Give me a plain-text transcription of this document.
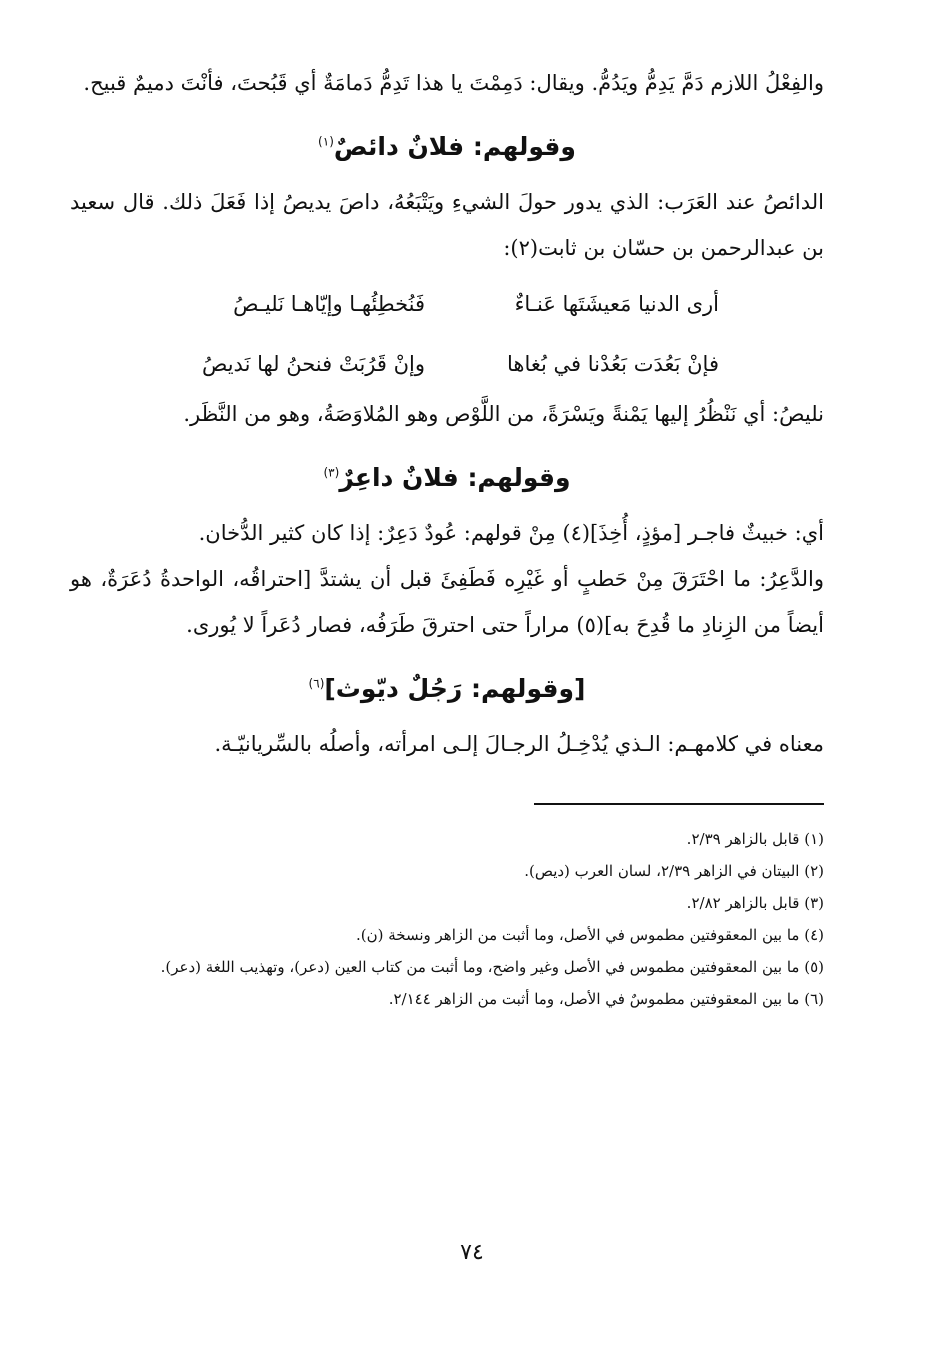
والفِعْلُ اللازم دَمَّ يَدِمُّ ويَدُمُّ. ويقال: دَمِمْتَ يا هذا تَدِمُّ دَمامَةٌ أي قَبُحتَ، فأنْتَ دميمٌ قبيح.

وقولهم: فلانٌ دائصٌ$^{(١)}$

الدائصُ عند العَرَب: الذي يدور حولَ الشيءِ ويَتْبَعُهُ، داصَ يديصُ إذا فَعَلَ ذلك. قال سعيد بن عبدالرحمن بن حسّان بن ثابت(٢):

أرى الدنيا مَعيشَتَها عَنـاءٌ
فَنُخطِئُهـا وإيّاهـا نَليـصُ
فإنْ بَعُدَت بَعُدْنا في بُغاها
وإنْ قَرُبَتْ فنحنُ لها نَديصُ

نليصُ: أي نَنْظُرُ إليها يَمْنةً ويَسْرَةً، من اللَّوْص وهو المُلاوَصَةُ، وهو من النَّظَر.

وقولهم: فلانٌ داعِرٌ$^{(٣)}$

أي: خبيثٌ فاجـر [مؤذٍ، أُخِذَ](٤) مِنْ قولهم: عُودٌ دَعِرٌ: إذا كان كثير الدُّخان.

والدَّعِرُ: ما احْتَرَقَ مِنْ حَطبٍ أو غَيْرِه فَطَفِئَ قبل أن يشتدَّ [احتراقُه، الواحدةُ دُعَرَةٌ، هو أيضاً من الزِنادِ ما قُدِحَ به](٥) مراراً حتى احترقَ طَرَفُه، فصار دُعَراً لا يُورى.

[وقولهم: رَجُلٌ ديّوث]$^{(٦)}$

معناه في كلامهـم: الـذي يُدْخِـلُ الرجـالَ إلـى امرأته، وأصلُه بالسِّريانيّـة.

(١) قابل بالزاهر ٢/٣٩.
(٢) البيتان في الزاهر ٢/٣٩، لسان العرب (ديص).
(٣) قابل بالزاهر ٢/٨٢.
(٤) ما بين المعقوفتين مطموس في الأصل، وما أثبت من الزاهر ونسخة (ن).
(٥) ما بين المعقوفتين مطموس في الأصل وغير واضح، وما أثبت من كتاب العين (دعر)، وتهذيب اللغة (دعر).
(٦) ما بين المعقوفتين مطموسٌ في الأصل، وما أثبت من الزاهر ٢/١٤٤.
٧٤
